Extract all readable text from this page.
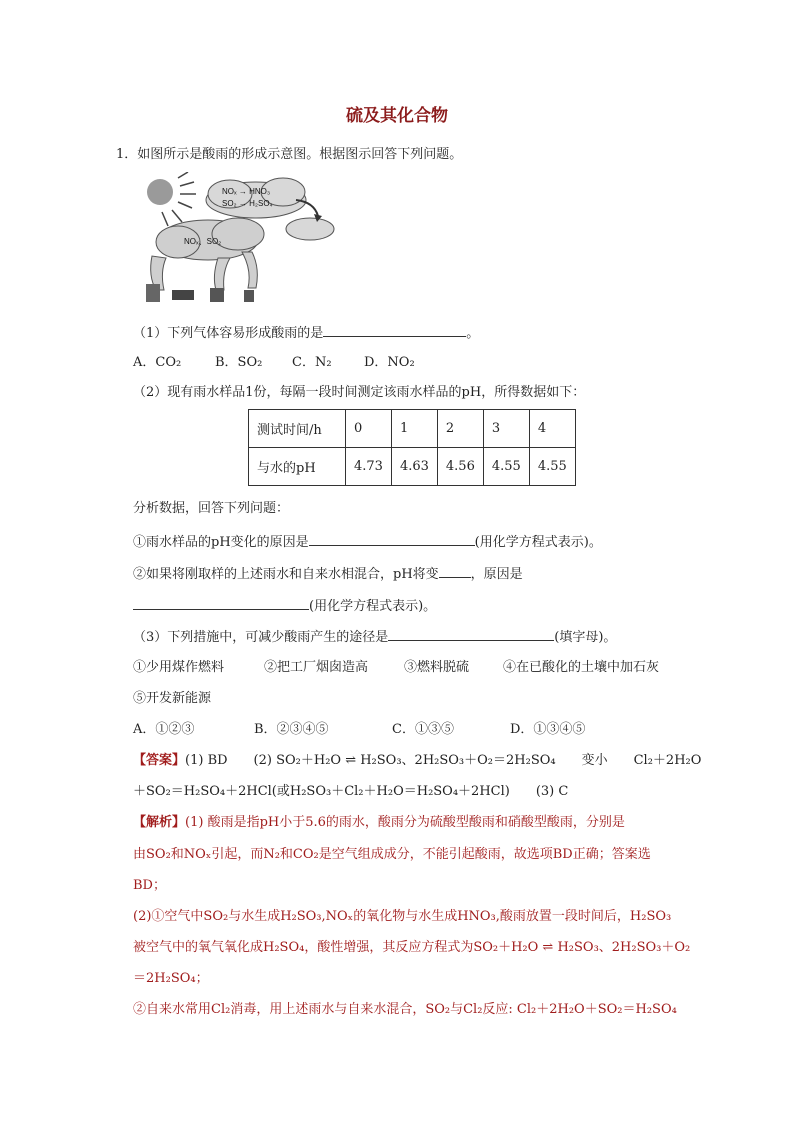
硫及其化合物
1．如图所示是酸雨的形成示意图。根据图示回答下列问题。
NOₓ → HNO₃
SO₂ → H₂SO₄
NOₓ、SO₂
（1）下列气体容易形成酸雨的是	。
A．CO₂	B．SO₂ C．N₂ D．NO₂
（2）现有雨水样品1份，每隔一段时间测定该雨水样品的pH，所得数据如下：
测试时间/h	0	1	2	3	4
与水的pH	4.73	4.63	4.56	4.55	4.55
分析数据，回答下列问题：
①雨水样品的pH变化的原因是	(用化学方程式表示)。
②如果将刚取样的上述雨水和自来水相混合，pH将变 ，原因是
(用化学方程式表示)。
（3）下列措施中，可减少酸雨产生的途径是	(填字母)。
①少用煤作燃料	②把工厂烟囱造高	③燃料脱硫	④在已酸化的土壤中加石灰
⑤开发新能源
A．①②③	B．②③④⑤	C．①③⑤	D．①③④⑤
【答案】(1) BD　　(2) SO₂＋H₂O ⇌ H₂SO₃、2H₂SO₃＋O₂＝2H₂SO₄　　变小　　Cl₂＋2H₂O
＋SO₂＝H₂SO₄＋2HCl(或H₂SO₃＋Cl₂＋H₂O＝H₂SO₄＋2HCl)　　(3) C
【解析】(1) 酸雨是指pH小于5.6的雨水，酸雨分为硫酸型酸雨和硝酸型酸雨，分别是
由SO₂和NOₓ引起，而N₂和CO₂是空气组成成分，不能引起酸雨，故选项BD正确；答案选
BD；
(2)①空气中SO₂与水生成H₂SO₃,NOₓ的氧化物与水生成HNO₃,酸雨放置一段时间后，H₂SO₃
被空气中的氧气氧化成H₂SO₄，酸性增强，其反应方程式为SO₂＋H₂O ⇌ H₂SO₃、2H₂SO₃＋O₂
＝2H₂SO₄；
②自来水常用Cl₂消毒，用上述雨水与自来水混合，SO₂与Cl₂反应: Cl₂＋2H₂O＋SO₂＝H₂SO₄
